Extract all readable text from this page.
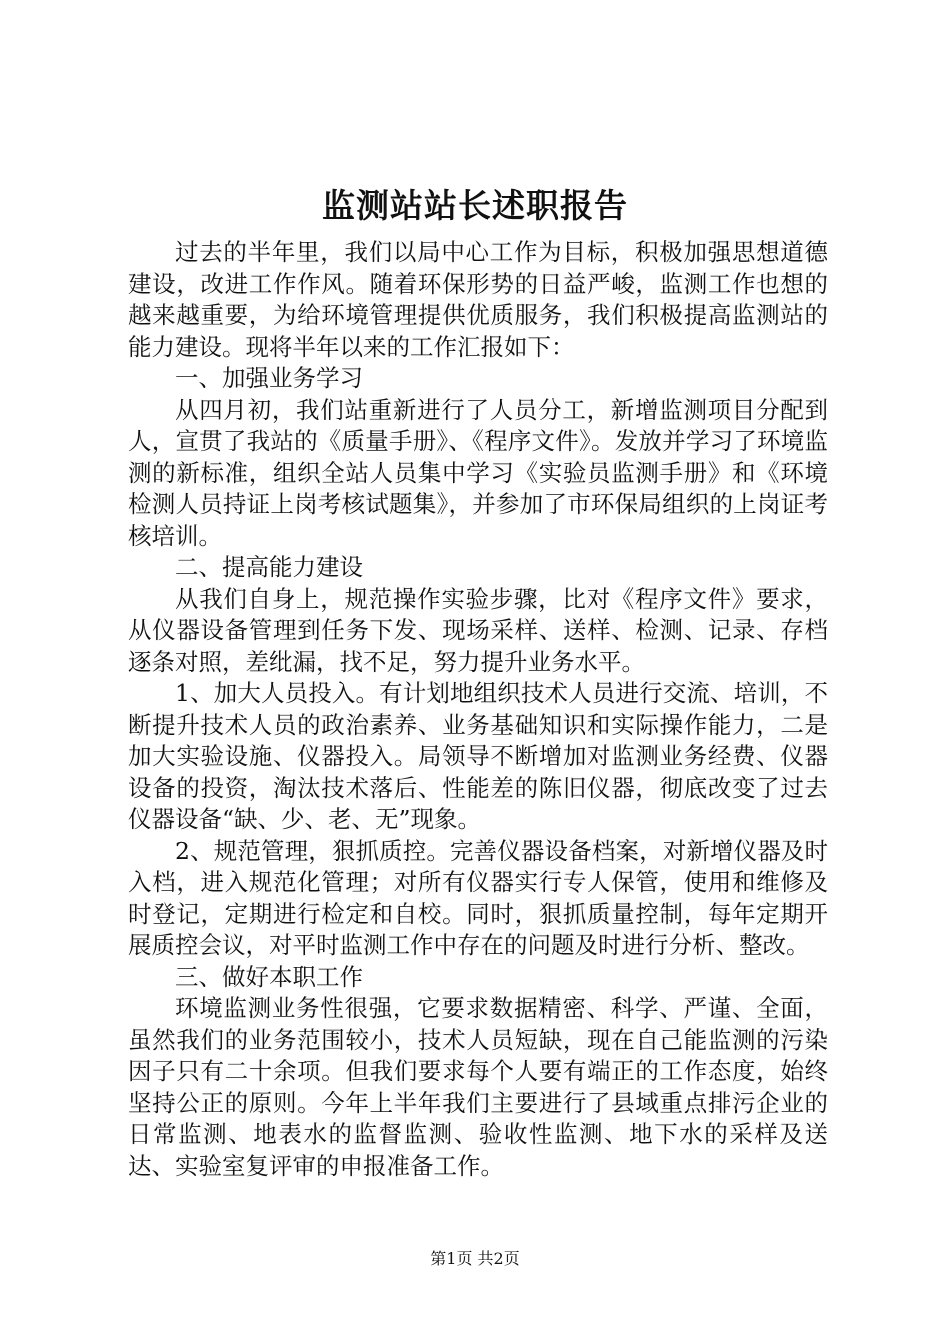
监测站站长述职报告

过去的半年里，我们以局中心工作为目标，积极加强思想道德建设，改进工作作风。随着环保形势的日益严峻，监测工作也想的越来越重要，为给环境管理提供优质服务，我们积极提高监测站的能力建设。现将半年以来的工作汇报如下：

一、加强业务学习

从四月初，我们站重新进行了人员分工，新增监测项目分配到人，宣贯了我站的《质量手册》、《程序文件》。发放并学习了环境监测的新标准，组织全站人员集中学习《实验员监测手册》和《环境检测人员持证上岗考核试题集》，并参加了市环保局组织的上岗证考核培训。

二、提高能力建设

从我们自身上，规范操作实验步骤，比对《程序文件》要求，从仪器设备管理到任务下发、现场采样、送样、检测、记录、存档逐条对照，差纰漏，找不足，努力提升业务水平。

1、加大人员投入。有计划地组织技术人员进行交流、培训，不断提升技术人员的政治素养、业务基础知识和实际操作能力，二是加大实验设施、仪器投入。局领导不断增加对监测业务经费、仪器设备的投资，淘汰技术落后、性能差的陈旧仪器，彻底改变了过去仪器设备“缺、少、老、无”现象。

2、规范管理，狠抓质控。完善仪器设备档案，对新增仪器及时入档，进入规范化管理；对所有仪器实行专人保管，使用和维修及时登记，定期进行检定和自校。同时，狠抓质量控制，每年定期开展质控会议，对平时监测工作中存在的问题及时进行分析、整改。

三、做好本职工作

环境监测业务性很强，它要求数据精密、科学、严谨、全面，虽然我们的业务范围较小，技术人员短缺，现在自己能监测的污染因子只有二十余项。但我们要求每个人要有端正的工作态度，始终坚持公正的原则。今年上半年我们主要进行了县域重点排污企业的日常监测、地表水的监督监测、验收性监测、地下水的采样及送达、实验室复评审的申报准备工作。

第1页 共2页
